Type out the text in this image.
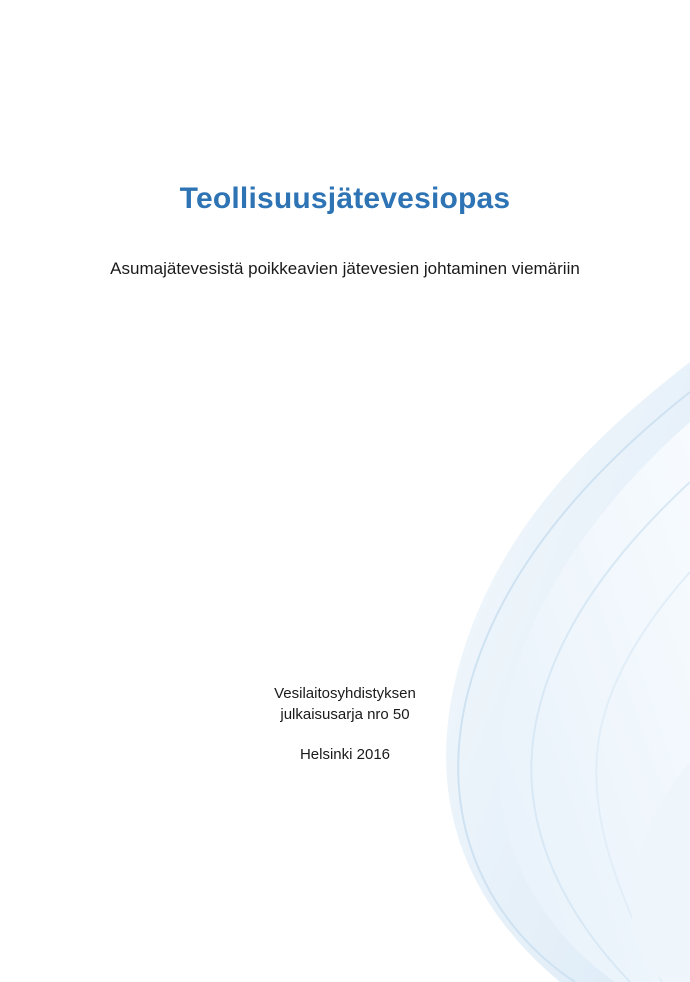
Teollisuusjätevesiopas

Asumajätevesistä poikkeavien jätevesien johtaminen viemäriin

Vesilaitosyhdistyksen
julkaisusarja nro 50
Helsinki 2016
